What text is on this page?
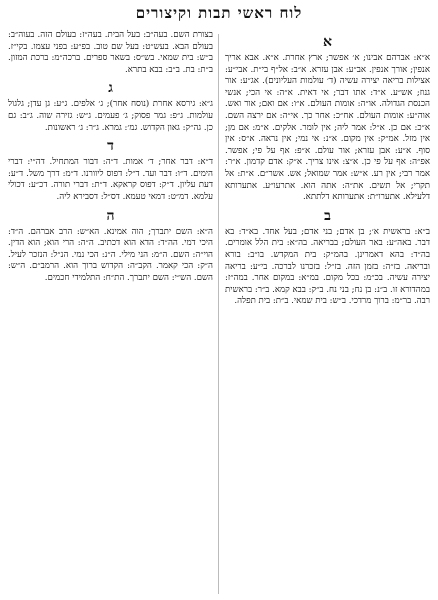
לוח ראשי תבות וקיצורים
א

א״א: אברהם אבינו; א׳ אפשר; ארץ אחרת. א״א. אבא אריך אנפין; אורך אנפין. אב״ע: אבן עזרא. א״ב: אל״ף בי״ת. אבי״ע: אצילות בריאה יצירה עשיה (ד׳ עולמות העליונים). אג״ע: אור גנוז; אש״ע. א״ד: אתו דבר; אי דאית. א״ה: אי הכי; אנשי הכנסת הגדולה. או״ה: אומות העולם. א״ו: אם ואם; אור ואש. אוה״ע: אומות העולם. אח״כ: אחר כך. אי״ה: אם ירצה השם. א״כ: אם כן. א״ל: אמר ליה; אין לומר. אלקים. א״מ: אם מן; אין מזל. אמ״ק: אין מקום. א״נ: אי נמי; אין נראה. א״ס: אין סוף. א״ע: אבן עזרא; אור עולם. א״פ: אף על פי; אפשר. אפ״ה: אף על פי כן. א״צ: אינו צריך. א״ק: אדם קדמון. א״ר: אמר רבי; אין רע. א״ש: אמר שמואל; אש. אשר״ם. א״ת: אל תקרי; אל תשים. את״ה: אתה הוא. אתרעו״ע. אתערותא דלעילא. אתערו״ת: אתערותא דלתתא.

ב

ב״א: בראשית א׳; בן אדם; בני אדם; בעל אחד. בא״ד: בא דבר. באה״ע: באר העולם; בבריאה. בה״א: בית הלל אומרים. בה״ד: בהא דאמרינן. בהמ״ק: בית המקדש. בו״ב: בורא ובריאה. בז״ה: בזמן הזה. בז״ל: בזכרנו לברכה. בי״ע: בריאה יצירה עשיה. בכ״מ: בכל מקום. במ״א: במקום אחר. במה״ז: במהדורא זו. ב״נ: בן נח; בני נח. ב״ק: בבא קמא. ב״ר: בראשית רבה. בר״מ: ברוך מרדכי. ב״ש: בית שמאי. ב״ת: בית תפלה.

בצורת השם. בעה״ב: בעל הבית. בעה״ז: בעולם הזה. בעוה״ב: בעולם הבא. בעש״ט: בעל שם טוב. בפ״ע: בפני עצמו. בקי״ז. ב״ש: בית שמאי. בש״ס: בשאר ספרים. ברכה״מ: ברכת המזון. ב״ת: בת. ב״ב: בבא בתרא.

ג

ג״א: גירסא אחרת (נוסח אחר); ג׳ אלפים. ג״ע: גן עדן; גלגול עולמות. ג״פ: גמר פסוק; ג׳ פעמים. ג״ש: גזירה שוה. ג״ב: גם כן. גה״ק: גאון הקדוש. גמ׳: גמרא. ג״ר: ג׳ ראשונות.

ד

ד״א: דבר אחר; ד׳ אמות. ד״ה: דבור המתחיל. דה״י: דברי הימים. ד״ו: דבר ועד. ד״ל: דפוס ליוורנו. ד״מ: דרך משל. ד״ע: דעת עליון. ד״ק: דפוס קראקא. ד״ת: דברי תורה. דכ״ע: דכולי עלמא. דמ״ט: דמאי טעמא. דס״ל: דסבירא ליה.

ה

ה״א: השם יתברך; הוה אמינא. הא״ש: הרב אברהם. ה״ד: היכי דמי. הה״ד: הדא הוא דכתיב. ה״ה: הרי הוא; הוא הדין. הוי״ה: השם. ה״מ: הני מילי. ה״נ: הכי נמי. הנ״ל: הנזכר לעיל. ה״ק: הכי קאמר. הקב״ה: הקדוש ברוך הוא. הרמב״ם. ה״ש: השם. הש״י: השם יתברך. הת״ח: התלמידי חכמים.
